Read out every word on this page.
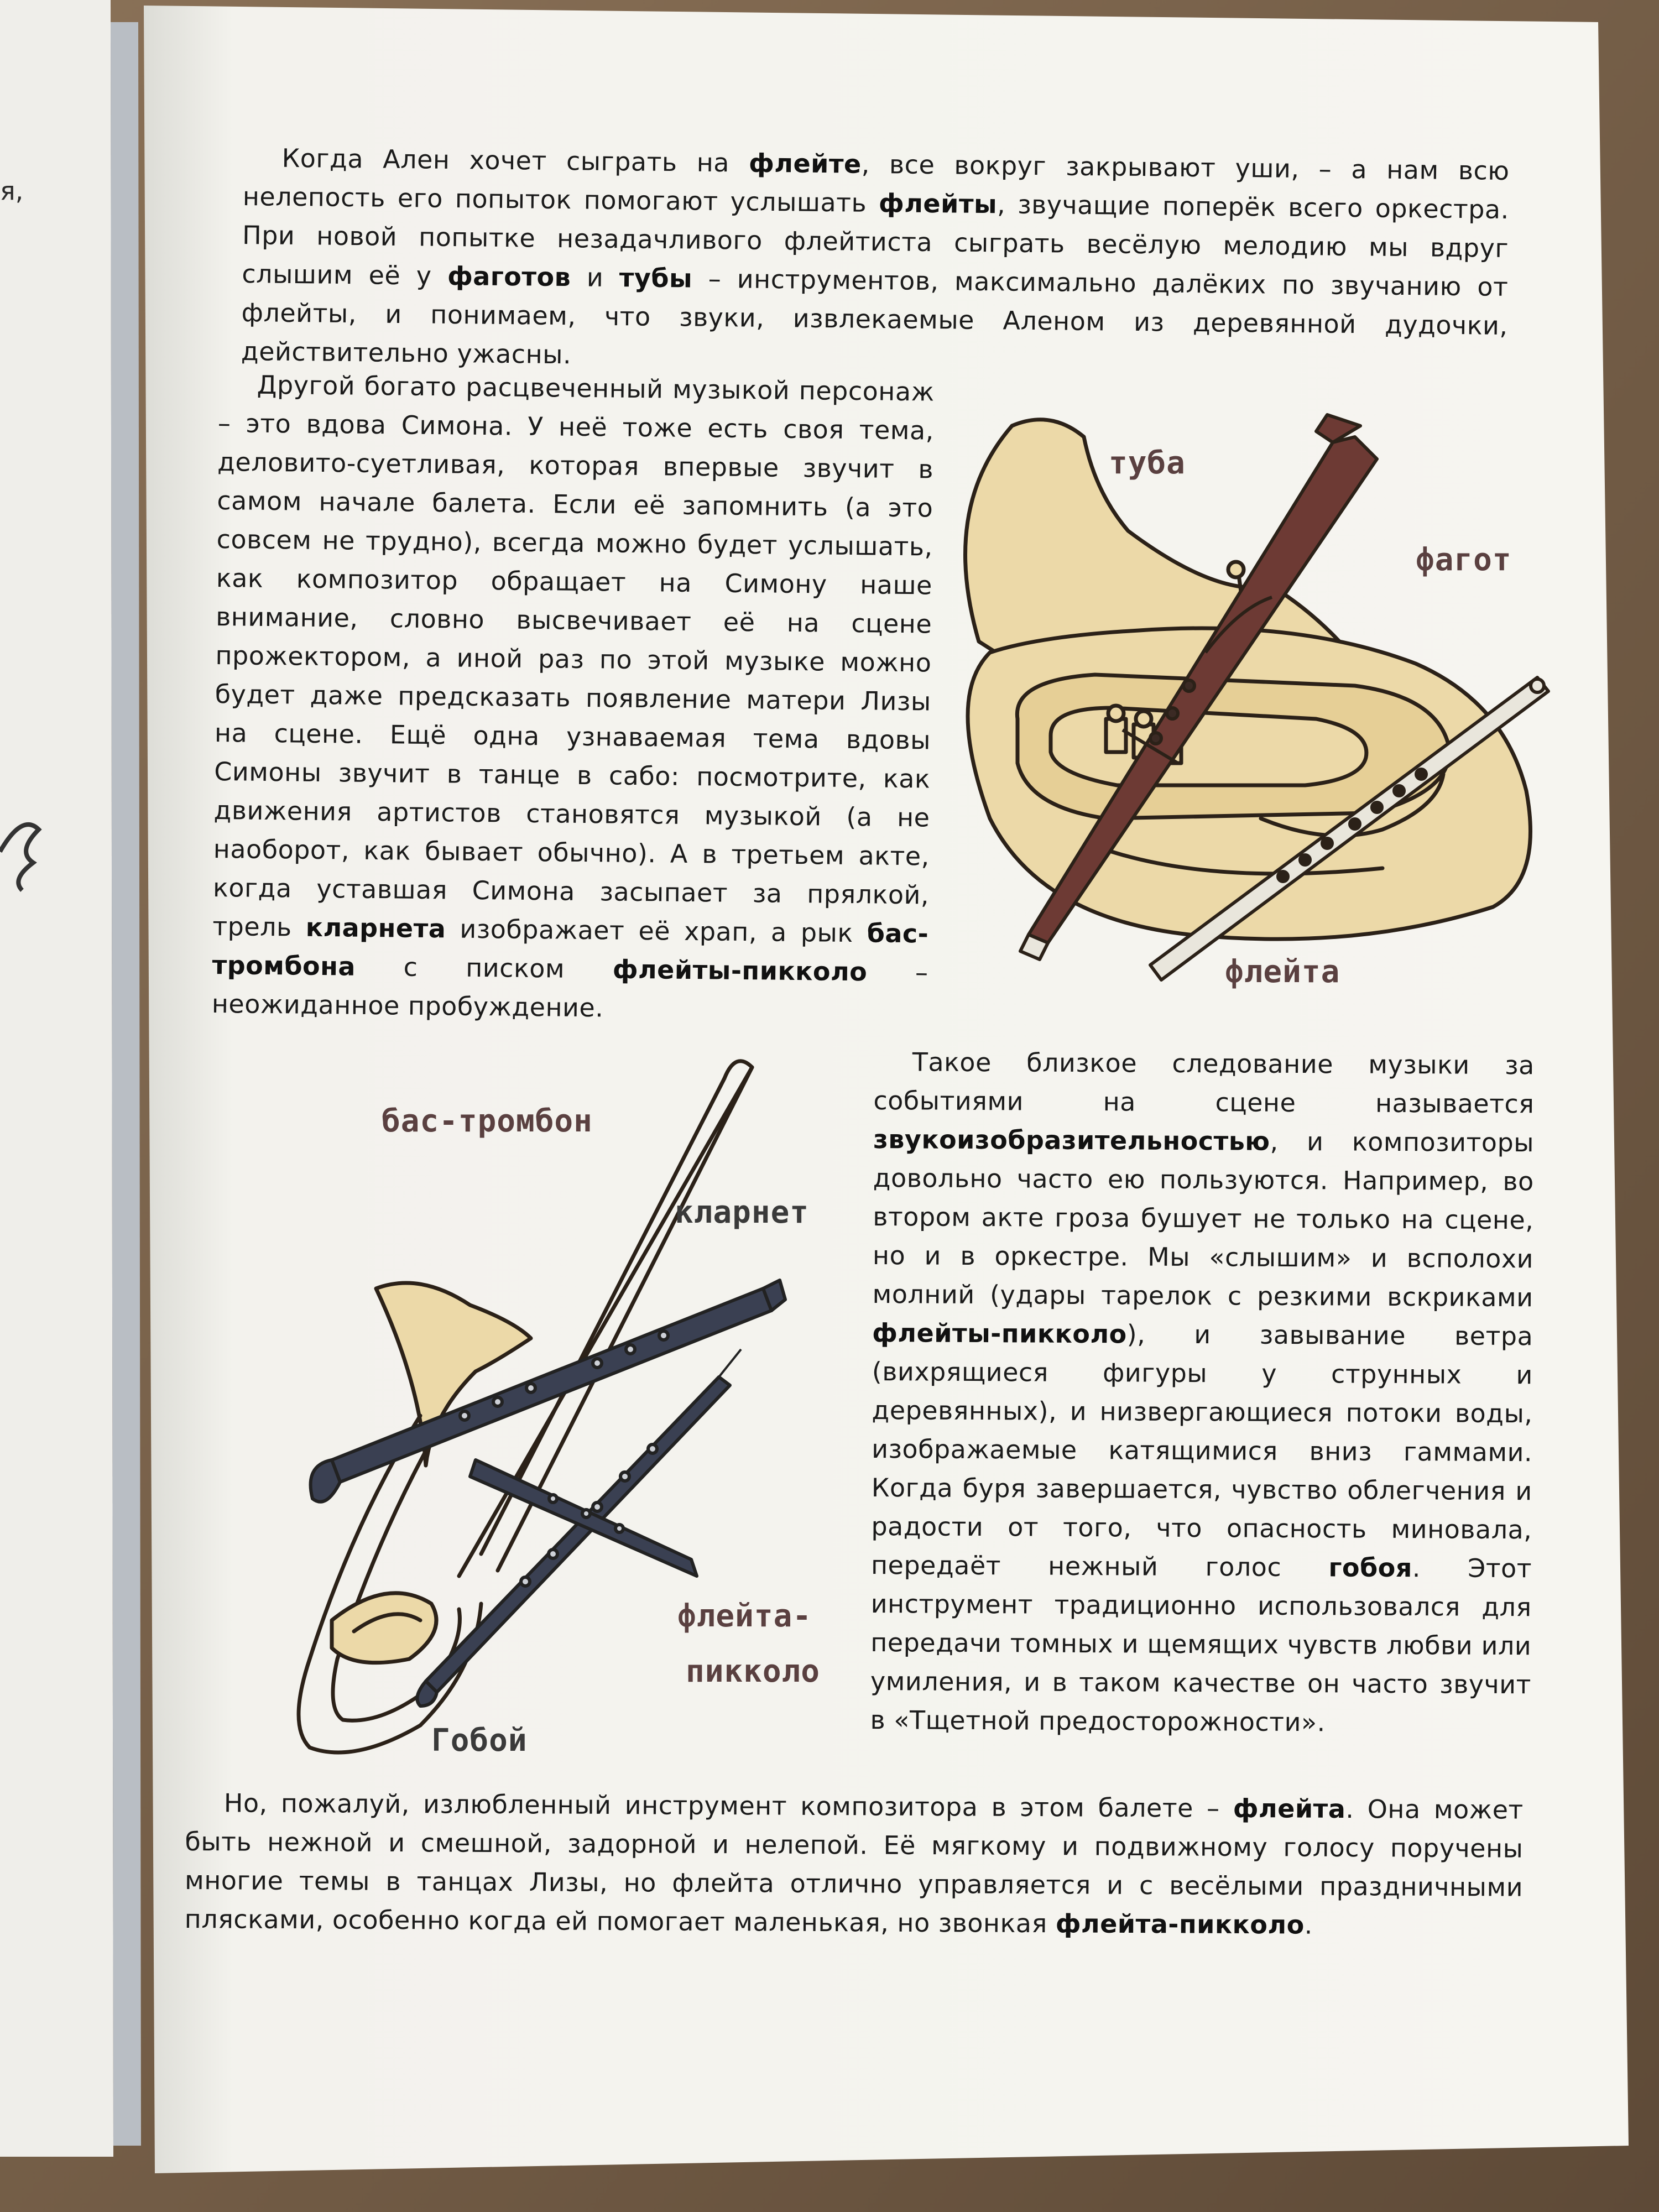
я,
Когда Ален хочет сыграть на флейте, все вокруг закрывают уши, – а нам всю нелепость его попыток помогают услышать флейты, звучащие поперёк всего оркестра. При новой попытке незадачливого флейтиста сыграть весёлую мелодию мы вдруг слышим её у фаготов и тубы – инструментов, максимально далёких по звучанию от флейты, и понимаем, что звуки, извлекаемые Аленом из деревянной дудочки, действительно ужасны.
Другой богато расцвеченный музыкой персонаж – это вдова Симона. У неё тоже есть своя тема, деловито-суетливая, которая впервые звучит в самом начале балета. Если её запомнить (а это совсем не трудно), всегда можно будет услышать, как композитор обращает на Симону наше внимание, словно высвечивает её на сцене прожектором, а иной раз по этой музыке можно будет даже предсказать появление матери Лизы на сцене. Ещё одна узнаваемая тема вдовы Симоны звучит в танце в сабо: посмотрите, как движения артистов становятся музыкой (а не наоборот, как бывает обычно). А в третьем акте, когда уставшая Симона засыпает за прялкой, трель кларнета изображает её храп, а рык бас-тромбона с писком флейты-пикколо – неожиданное пробуждение.
Такое близкое следование музыки за событиями на сцене называется звукоизобразительностью, и композиторы довольно часто ею пользуются. Например, во втором акте гроза бушует не только на сцене, но и в оркестре. Мы «слышим» и всполохи молний (удары тарелок с резкими вскриками флейты-пикколо), и завывание ветра (вихрящиеся фигуры у струнных и деревянных), и низвергающиеся потоки воды, изображаемые катящимися вниз гаммами. Когда буря завершается, чувство облегчения и радости от того, что опасность миновала, передаёт нежный голос гобоя. Этот инструмент традиционно использовался для передачи томных и щемящих чувств любви или умиления, и в таком качестве он часто звучит в «Тщетной предосторожности».
Но, пожалуй, излюбленный инструмент композитора в этом балете – флейта. Она может быть нежной и смешной, задорной и нелепой. Её мягкому и подвижному голосу поручены многие темы в танцах Лизы, но флейта отлично управляется и с весёлыми праздничными плясками, особенно когда ей помогает маленькая, но звонкая флейта-пикколо.
туба
фагот
флейта
бас-тромбон
кларнет
флейта-
пикколо
Гобой
